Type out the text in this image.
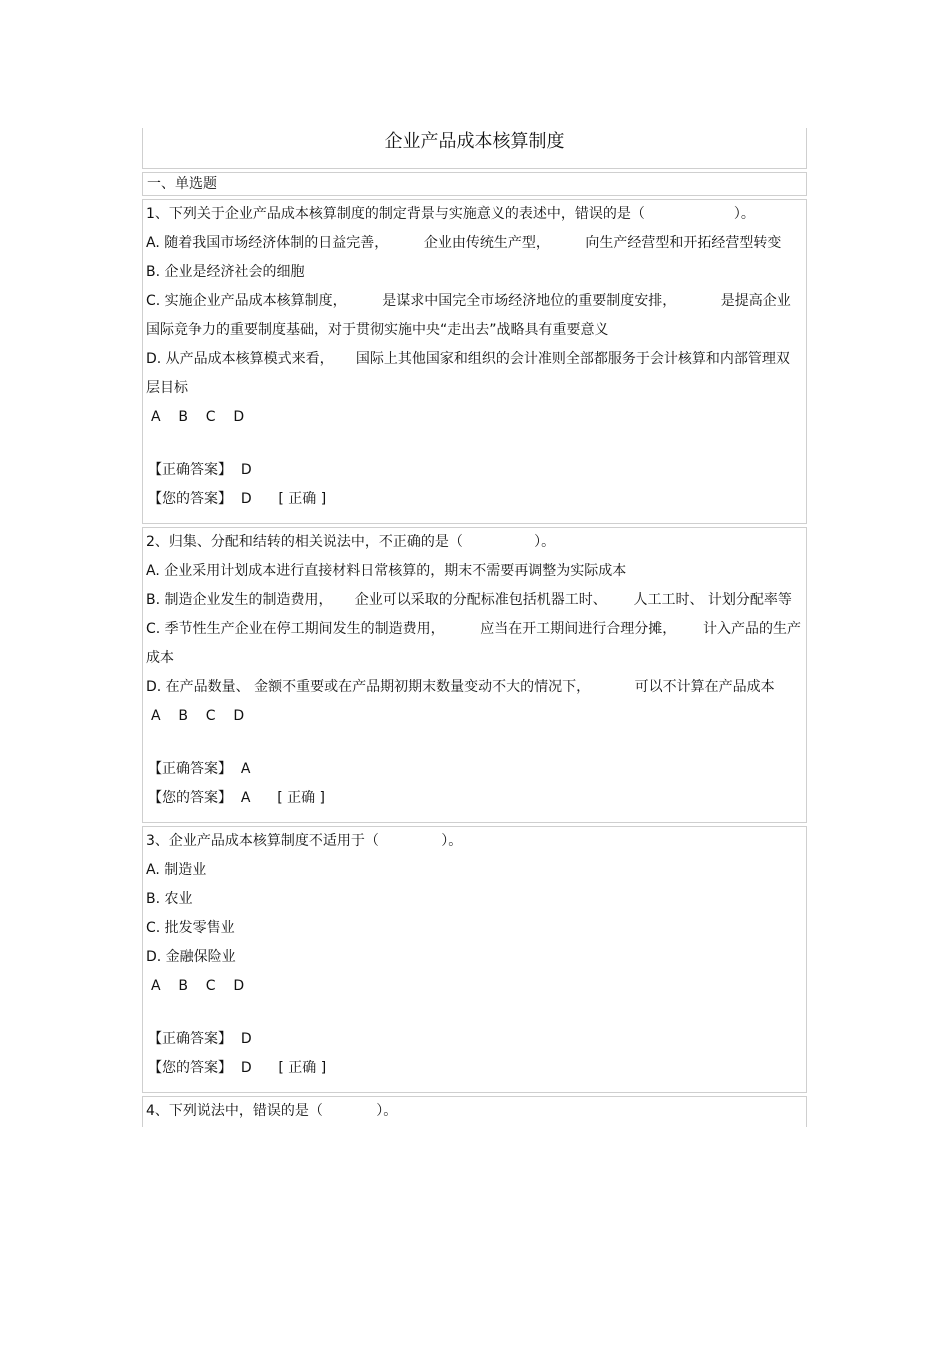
企业产品成本核算制度
一、单选题
1、下列关于企业产品成本核算制度的制定背景与实施意义的表述中，错误的是（                    ）。
A. 随着我国市场经济体制的日益完善，        企业由传统生产型，        向生产经营型和开拓经营型转变
B. 企业是经济社会的细胞
C. 实施企业产品成本核算制度，        是谋求中国完全市场经济地位的重要制度安排，          是提高企业国际竞争力的重要制度基础，对于贯彻实施中央“走出去”战略具有重要意义
D. 从产品成本核算模式来看，     国际上其他国家和组织的会计准则全部都服务于会计核算和内部管理双层目标
A    B    C    D
【正确答案】 D
【您的答案】 D [ 正确 ]
2、归集、分配和结转的相关说法中，不正确的是（                ）。
A. 企业采用计划成本进行直接材料日常核算的，期末不需要再调整为实际成本
B. 制造企业发生的制造费用，     企业可以采取的分配标准包括机器工时、      人工工时、 计划分配率等
C. 季节性生产企业在停工期间发生的制造费用，        应当在开工期间进行合理分摊，      计入产品的生产成本
D. 在产品数量、 金额不重要或在产品期初期末数量变动不大的情况下，          可以不计算在产品成本
A    B    C    D
【正确答案】 A
【您的答案】 A [ 正确 ]
3、企业产品成本核算制度不适用于（              ）。
A. 制造业
B. 农业
C. 批发零售业
D. 金融保险业
A    B    C    D
【正确答案】 D
【您的答案】 D [ 正确 ]
4、下列说法中，错误的是（            ）。
